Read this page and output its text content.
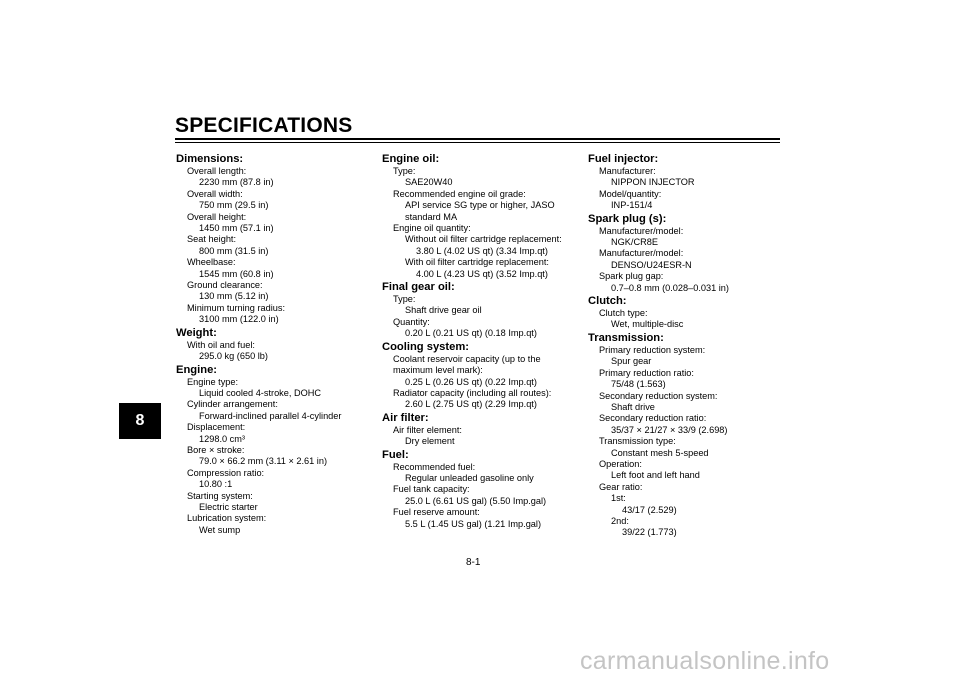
SPECIFICATIONS
8
Dimensions:
Overall length:
2230 mm (87.8 in)
Overall width:
750 mm (29.5 in)
Overall height:
1450 mm (57.1 in)
Seat height:
800 mm (31.5 in)
Wheelbase:
1545 mm (60.8 in)
Ground clearance:
130 mm (5.12 in)
Minimum turning radius:
3100 mm (122.0 in)
Weight:
With oil and fuel:
295.0 kg (650 lb)
Engine:
Engine type:
Liquid cooled 4-stroke, DOHC
Cylinder arrangement:
Forward-inclined parallel 4-cylinder
Displacement:
1298.0 cm³
Bore × stroke:
79.0 × 66.2 mm (3.11 × 2.61 in)
Compression ratio:
10.80 :1
Starting system:
Electric starter
Lubrication system:
Wet sump
Engine oil:
Type:
SAE20W40
Recommended engine oil grade:
API service SG type or higher, JASO
standard MA
Engine oil quantity:
Without oil filter cartridge replacement:
3.80 L (4.02 US qt) (3.34 Imp.qt)
With oil filter cartridge replacement:
4.00 L (4.23 US qt) (3.52 Imp.qt)
Final gear oil:
Type:
Shaft drive gear oil
Quantity:
0.20 L (0.21 US qt) (0.18 Imp.qt)
Cooling system:
Coolant reservoir capacity (up to the
maximum level mark):
0.25 L (0.26 US qt) (0.22 Imp.qt)
Radiator capacity (including all routes):
2.60 L (2.75 US qt) (2.29 Imp.qt)
Air filter:
Air filter element:
Dry element
Fuel:
Recommended fuel:
Regular unleaded gasoline only
Fuel tank capacity:
25.0 L (6.61 US gal) (5.50 Imp.gal)
Fuel reserve amount:
5.5 L (1.45 US gal) (1.21 Imp.gal)
Fuel injector:
Manufacturer:
NIPPON INJECTOR
Model/quantity:
INP-151/4
Spark plug (s):
Manufacturer/model:
NGK/CR8E
Manufacturer/model:
DENSO/U24ESR-N
Spark plug gap:
0.7–0.8 mm (0.028–0.031 in)
Clutch:
Clutch type:
Wet, multiple-disc
Transmission:
Primary reduction system:
Spur gear
Primary reduction ratio:
75/48 (1.563)
Secondary reduction system:
Shaft drive
Secondary reduction ratio:
35/37 × 21/27 × 33/9 (2.698)
Transmission type:
Constant mesh 5-speed
Operation:
Left foot and left hand
Gear ratio:
1st:
43/17 (2.529)
2nd:
39/22 (1.773)
8-1
carmanualsonline.info
